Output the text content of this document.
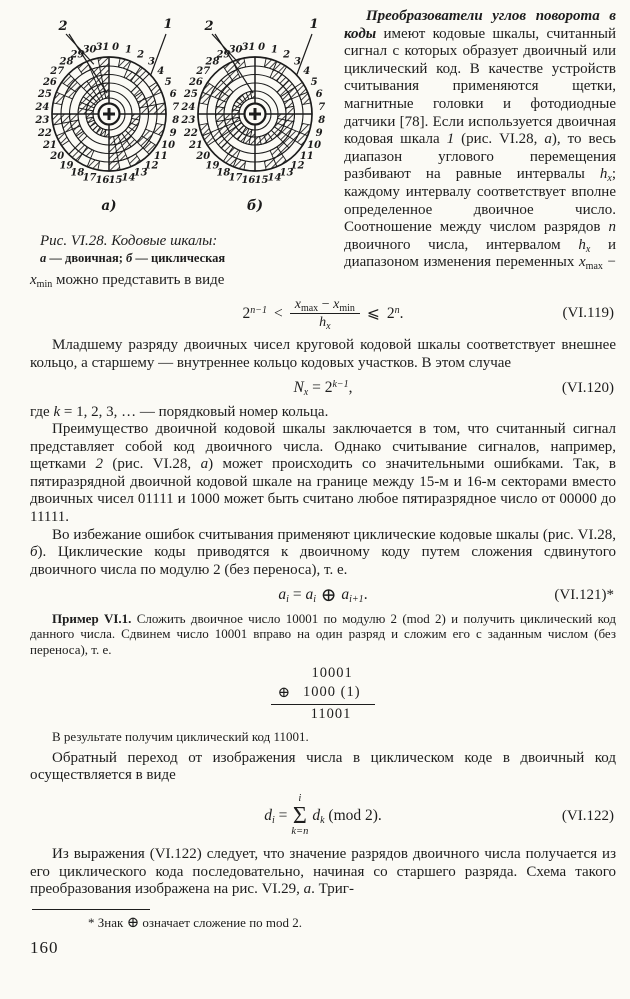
0 1 2
3
4
5
6
7
8
9
10
11
12
13
14
15
16
17
18
19
20
21
22
23
24
25
26
27
28
29
30
31
2	1
а)
0 1 2
3
4
5
6
7
8
9
10
11
12
13
14
15
16
17
18
19
20
21
22
23
24
25
26
27
28
29
30
31
2	1
б)
Рис. VI.28. Кодовые шкалы:
а — двоичная; б — циклическая

Преобразователи углов поворота в коды имеют кодовые шкалы, считанный сигнал с которых образует двоичный или циклический код. В качестве устройств считывания применяются щетки, магнитные головки и фотодиодные датчики [78]. Если используется двоичная кодовая шкала 1 (рис. VI.28, а), то весь диапазон углового перемещения разбивают на равные интервалы $h_x$; каждому интервалу соответствует вполне определенное двоичное число. Соотношение между числом разрядов n двоичного числа, интервалом $h_x$ и диапазоном изменения переменных $x_{max} - x_{min}$ можно представить в виде

$2^{n-1} < \frac{x_{max} - x_{min}}{h_x}$ ⩽ 2$^n$.	(VI.119)

Младшему разряду двоичных чисел круговой кодовой шкалы соответствует внешнее кольцо, а старшему — внутреннее кольцо кодовых участков. В этом случае

$N_x = 2^{k-1}$,	(VI.120)

где k = 1, 2, 3, … — порядковый номер кольца.

Преимущество двоичной кодовой шкалы заключается в том, что считанный сигнал представляет собой код двоичного числа. Однако считывание сигналов, например, щетками 2 (рис. VI.28, а) может происходить со значительными ошибками. Так, в пятиразрядной двоичной кодовой шкале на границе между 15-м и 16-м секторами вместо двоичных чисел 01111 и 1000 может быть считано любое пятиразрядное число от 00000 до 11111.

Во избежание ошибок считывания применяют циклические кодовые шкалы (рис. VI.28, б). Циклические коды приводятся к двоичному коду путем сложения сдвинутого двоичного числа по модулю 2 (без переноса), т. е.

$a_i = a_i$ ⊕ $a_{i+1}$.	(VI.121)*

Пример VI.1. Сложить двоичное число 10001 по модулю 2 (mod 2) и получить циклический код данного числа. Сдвинем число 10001 вправо на один разряд и сложим его с заданным числом (без переноса), т. е.

10001
⊕ 1000 (1)
11001

В результате получим циклический код 11001.

Обратный переход от изображения числа в циклическом коде в двоичный код осуществляется в виде

$d_i$ =
i
Σ
k=n
$d_k$ (mod 2).	(VI.122)

Из выражения (VI.122) следует, что значение разрядов двоичного числа получается из его циклического кода последовательно, начиная со старшего разряда. Схема такого преобразования изображена на рис. VI.29, а. Триг-

* Знак ⊕ означает сложение по mod 2.
160
